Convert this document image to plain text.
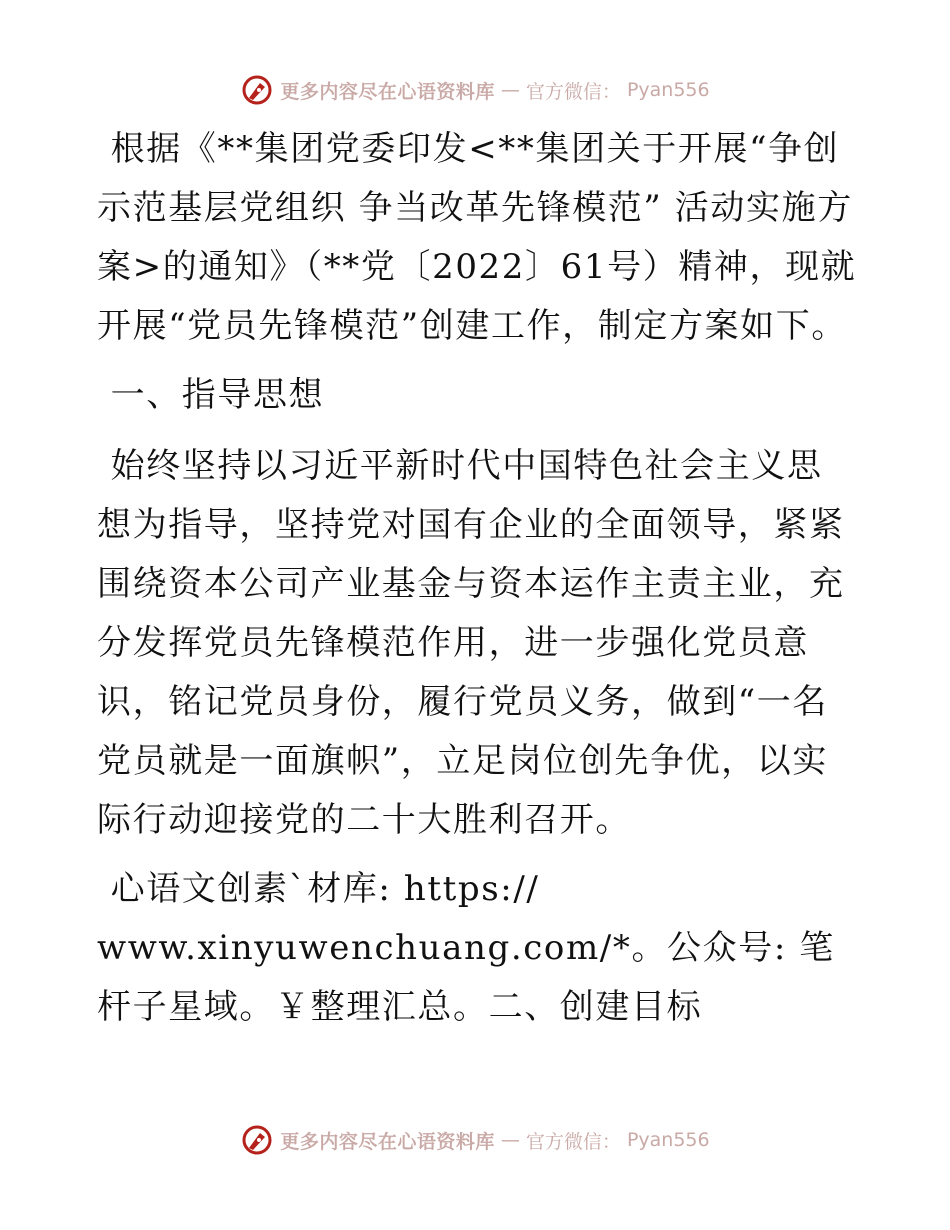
更多内容尽在心语资料库 — 官方微信： Pyan556

根据《**集团党委印发<**集团关于开展“争创示范基层党组织 争当改革先锋模范” 活动实施方案>的通知》（**党〔2022〕61号）精神，现就开展“党员先锋模范”创建工作，制定方案如下。

一、指导思想

始终坚持以习近平新时代中国特色社会主义思想为指导，坚持党对国有企业的全面领导，紧紧围绕资本公司产业基金与资本运作主责主业，充分发挥党员先锋模范作用，进一步强化党员意识，铭记党员身份，履行党员义务，做到“一名党员就是一面旗帜”，立足岗位创先争优，以实际行动迎接党的二十大胜利召开。

心语文创素`材库: https://

www.xinyuwenchuang.com/*。公众号: 笔杆子星域。￥整理汇总。二、创建目标

更多内容尽在心语资料库 — 官方微信： Pyan556
